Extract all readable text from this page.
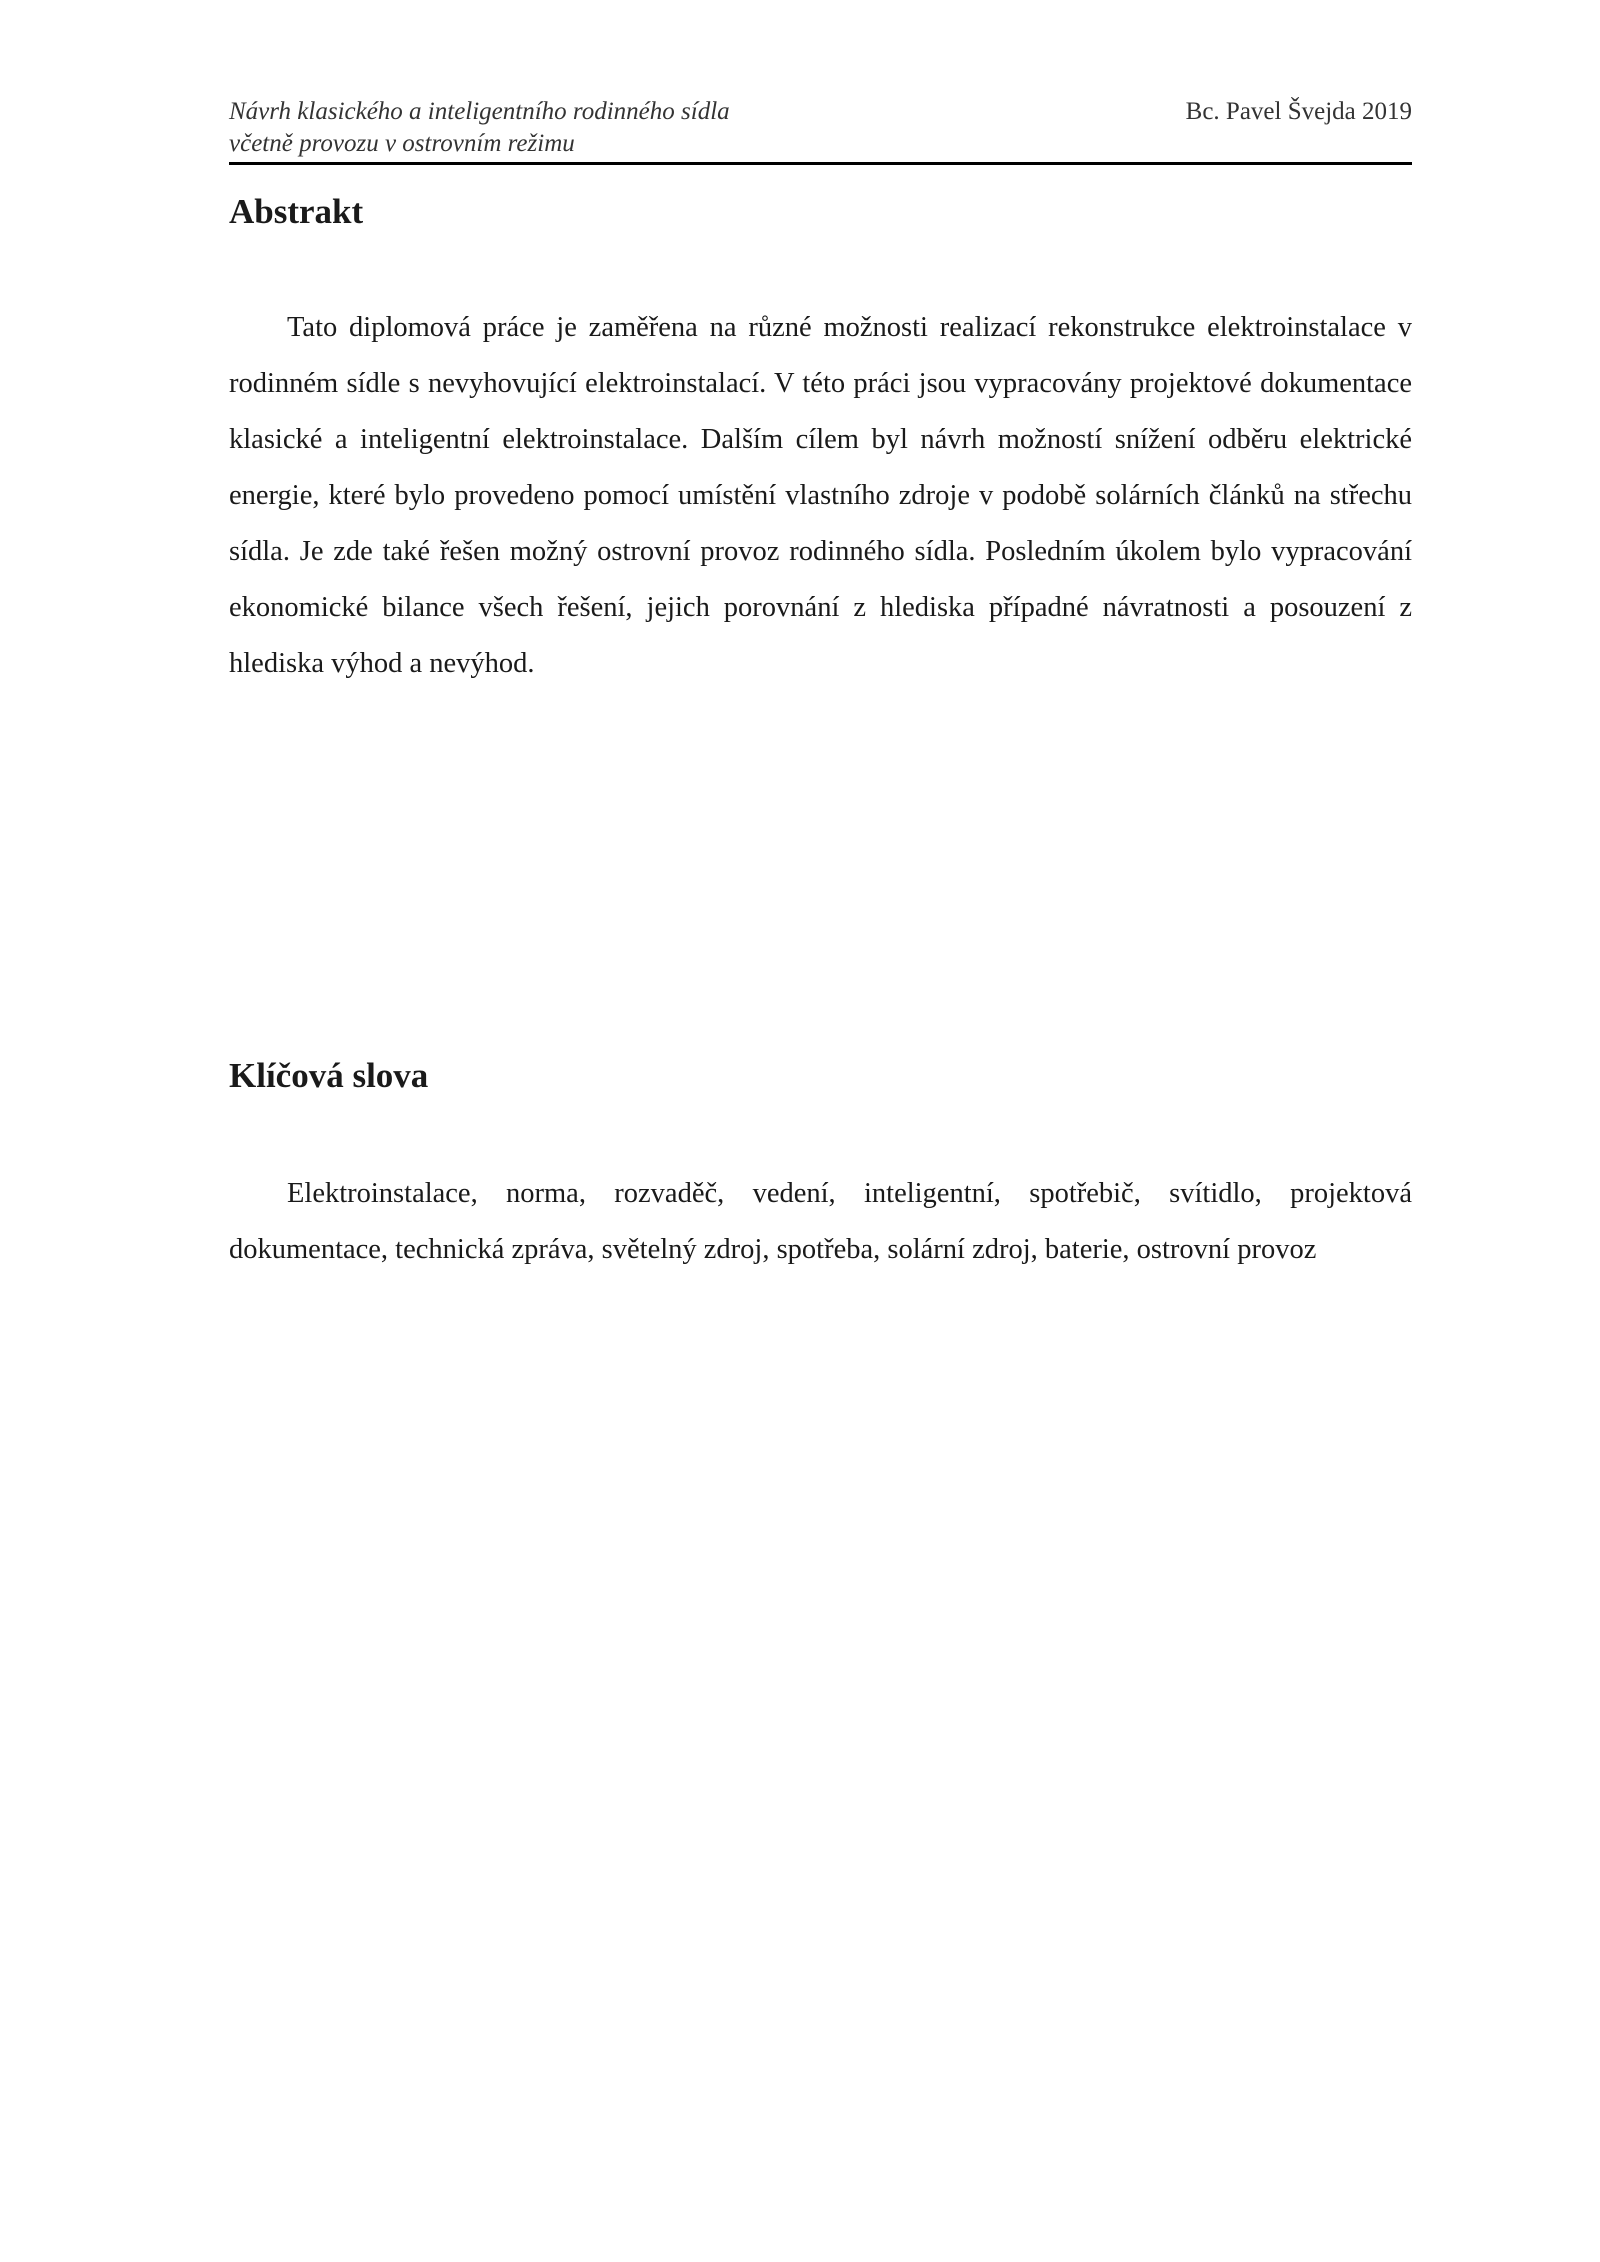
Návrh klasického a inteligentního rodinného sídla
včetně provozu v ostrovním režimu
Bc. Pavel Švejda 2019
Abstrakt

Tato diplomová práce je zaměřena na různé možnosti realizací rekonstrukce elektroinstalace v rodinném sídle s nevyhovující elektroinstalací. V této práci jsou vypracovány projektové dokumentace klasické a inteligentní elektroinstalace. Dalším cílem byl návrh možností snížení odběru elektrické energie, které bylo provedeno pomocí umístění vlastního zdroje v podobě solárních článků na střechu sídla. Je zde také řešen možný ostrovní provoz rodinného sídla. Posledním úkolem bylo vypracování ekonomické bilance všech řešení, jejich porovnání z hlediska případné návratnosti a posouzení z hlediska výhod a nevýhod.

Klíčová slova

Elektroinstalace, norma, rozvaděč, vedení, inteligentní, spotřebič, svítidlo, projektová dokumentace, technická zpráva, světelný zdroj, spotřeba, solární zdroj, baterie, ostrovní provoz
